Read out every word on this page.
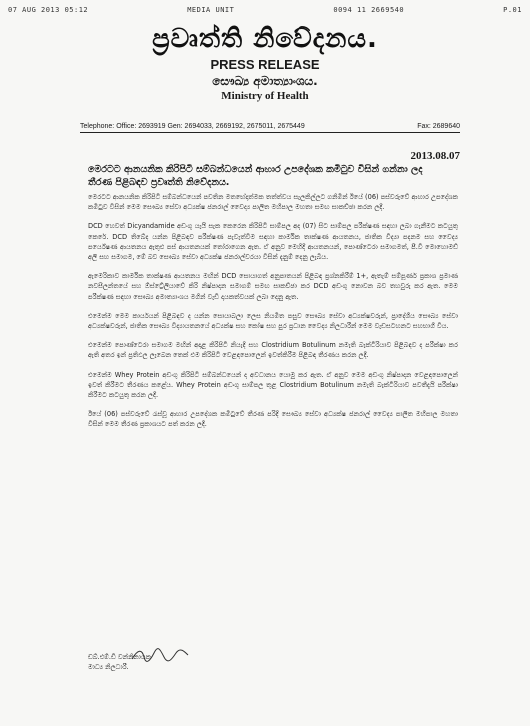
07 AUG 2013 05:12	MEDIA UNIT	0094 11 2669540	P.01
ප්‍රවෘත්ති නිවේදනය.
PRESS RELEASE
සෞඛ්‍ය අමාත්‍යාංශය.
Ministry of Health
Telephone: Office: 2693919 Gen: 2694033, 2669192, 2675011, 2675449	Fax: 2689640
2013.08.07
මෙරටට ආනයනික කිරිපිටි සම්බන්ධයෙන් ආහාර උපදේශක කමිටුව විසින් ගන්නා ලද තීරණ පිළිබඳව ප්‍රවෘත්ති නිවේදනය.

මෙරටට ආනයනික කිරිපිටි සම්බන්ධයෙන් පවතින මතභේදාත්මක තත්ත්වය සැලකිල්ලට ගනිමින් ඊයේ (06) පස්වරුවේ ආහාර උපදේශක කමිටුව විසින් මෙම සෞඛ්‍ය සේවා අධ්‍යක්ෂ ජනරාල් වෛද්‍ය පාලිත මහීපාල මහතා සමඟ සාකච්ඡා කරන ලදී.

DCD හෙවත් Dicyandamide අඩංගු යැයි සැක කෙරෙන කිරිපිටි සාම්පල අද (07) සිට සාම්පල පරීක්ෂණ සඳහා ලබා ගැනීමට කටයුතු කෙරේ. DCD තිබේද යන්න පිළිබඳව පරීක්ෂණ පැවැත්වීම සඳහා කාර්මික තාක්ෂණ ආයතනය, ජාතික විද්‍යා පදනම සහ වෛද්‍ය පර්යේෂණ ආයතනය ඇතුළු පස් ආයතනයක් තෝරාගෙන ඇත. ඒ අනුව මෙහිදී ආයතනයන්, පොණ්ටෙරා සමාගමත්, පී.වී මොහොමඩ් අලි සහ සමාගම, මේ බව සෞඛ්‍ය සේවා අධ්‍යක්ෂ ජනරාල්වරයා විසින් දැනුම් දෙනු ලැබීය.

ඇමෙරිකාව කාර්මික තාක්ෂණ ආයතනය මඟින් DCD සොයාගත් අනුපාතයන් පිළිබඳ ප්‍රශ්නකිරීම් 1+, ඇතැම් සම්පූර්ණ ප්‍රකාශ ප්‍රමාණ නවසීලන්තයේ සහ ඕස්ට්‍රේලියාවේ කිරි නිෂ්පාදන සමාගම් සමඟ සාකච්ඡා කර DCD අඩංගු නොවන බව තහවුරු කර ඇත. මෙම පරීක්ෂණ සඳහා සෞඛ්‍ය අමාත්‍යාංශය මගින් වැඩි දායකත්වයක් ලබා දෙනු ඇත.

එමෙන්ම මෙම කාර්යයන් පිළිබඳව ද යන්න සොයාබලා ලෙස නියමිත පසුව සෞඛ්‍ය සේවා අධ්‍යක්ෂවරුන්, ප්‍රාදේශීය සෞඛ්‍ය සේවා අධ්‍යක්ෂවරුන්, ජාතික සෞඛ්‍ය විද්‍යායතනයේ අධ්‍යක්ෂ සහ කෝෂ සහ පුර ප්‍රධාන වෛද්‍ය නිලධාරීන් මෙම වැඩසටහනට සහභාගී විය.

එමෙන්ම පොණ්ටෙරා සමාගම මඟින් අදාළ කිරිපිටි නියැදි සහ Clostridium Botulinum නමැති බැක්ටීරියාව පිළිබඳව ද පරීක්ෂා කර ඇති අතර ඉන් ප්‍රතිඵල ලැබෙන තෙක් එම කිරිපිටි වෙළඳපොලෙන් ඉවත්කිරීම පිළිබඳ තීරණය කරන ලදී.

එමෙන්ම Whey Protein අඩංගු කිරිපිටි සම්බන්ධයෙන් ද අවධානය යොමු කර ඇත. ඒ අනුව මෙම අඩංගු නිෂ්පාදන වෙළඳපොලෙන් ඉවත් කිරීමට තීරණය කළේය. Whey Protein අඩංගු සාම්පල තුළ Clostridium Botulinum නමැති බැක්ටීරියාව පවතීදැයි පරීක්ෂා කිරීමට කටයුතු කරන ලදී.

ඊයේ (06) පස්වරුවේ රැස්වූ ආහාර උපදේශක කමිටුවේ තීරණ පරිදි සෞඛ්‍ය සේවා අධ්‍යක්ෂ ජනරාල් වෛද්‍ය පාලිත මහීපාල මහතා විසින් මෙම තීරණ ප්‍රකාශයට පත් කරන ලදී.

ඩබ්.එම්.ඩී වන්නිනායක
මාධ්‍ය නිලධාරී.
